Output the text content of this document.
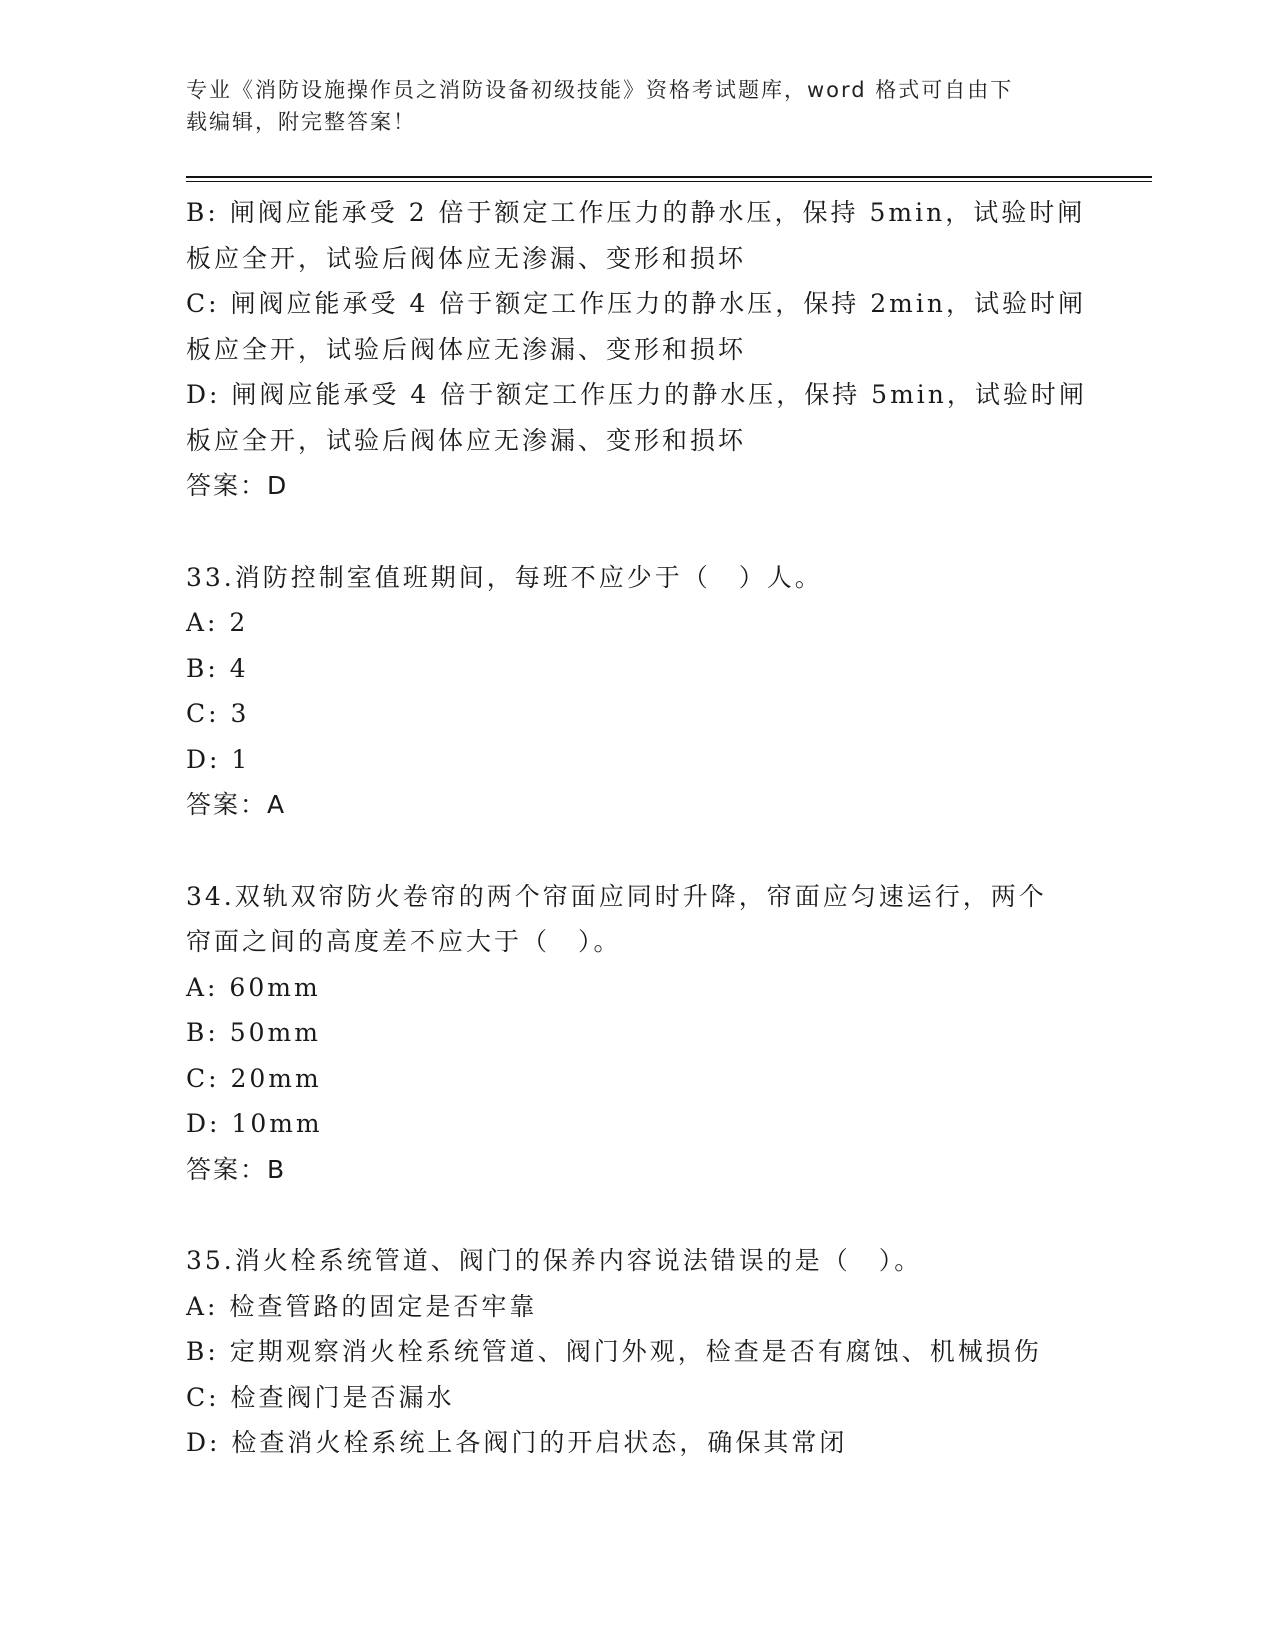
专业《消防设施操作员之消防设备初级技能》资格考试题库，word 格式可自由下
载编辑，附完整答案！
B: 闸阀应能承受 2 倍于额定工作压力的静水压，保持 5min，试验时闸
板应全开，试验后阀体应无渗漏、变形和损坏
C: 闸阀应能承受 4 倍于额定工作压力的静水压，保持 2min，试验时闸
板应全开，试验后阀体应无渗漏、变形和损坏
D: 闸阀应能承受 4 倍于额定工作压力的静水压，保持 5min，试验时闸
板应全开，试验后阀体应无渗漏、变形和损坏
答案：D
33.消防控制室值班期间，每班不应少于（　）人。
A: 2
B: 4
C: 3
D: 1
答案：A
34.双轨双帘防火卷帘的两个帘面应同时升降，帘面应匀速运行，两个
帘面之间的高度差不应大于（　）。
A: 60mm
B: 50mm
C: 20mm
D: 10mm
答案：B
35.消火栓系统管道、阀门的保养内容说法错误的是（　）。
A: 检查管路的固定是否牢靠
B: 定期观察消火栓系统管道、阀门外观，检查是否有腐蚀、机械损伤
C: 检查阀门是否漏水
D: 检查消火栓系统上各阀门的开启状态，确保其常闭
